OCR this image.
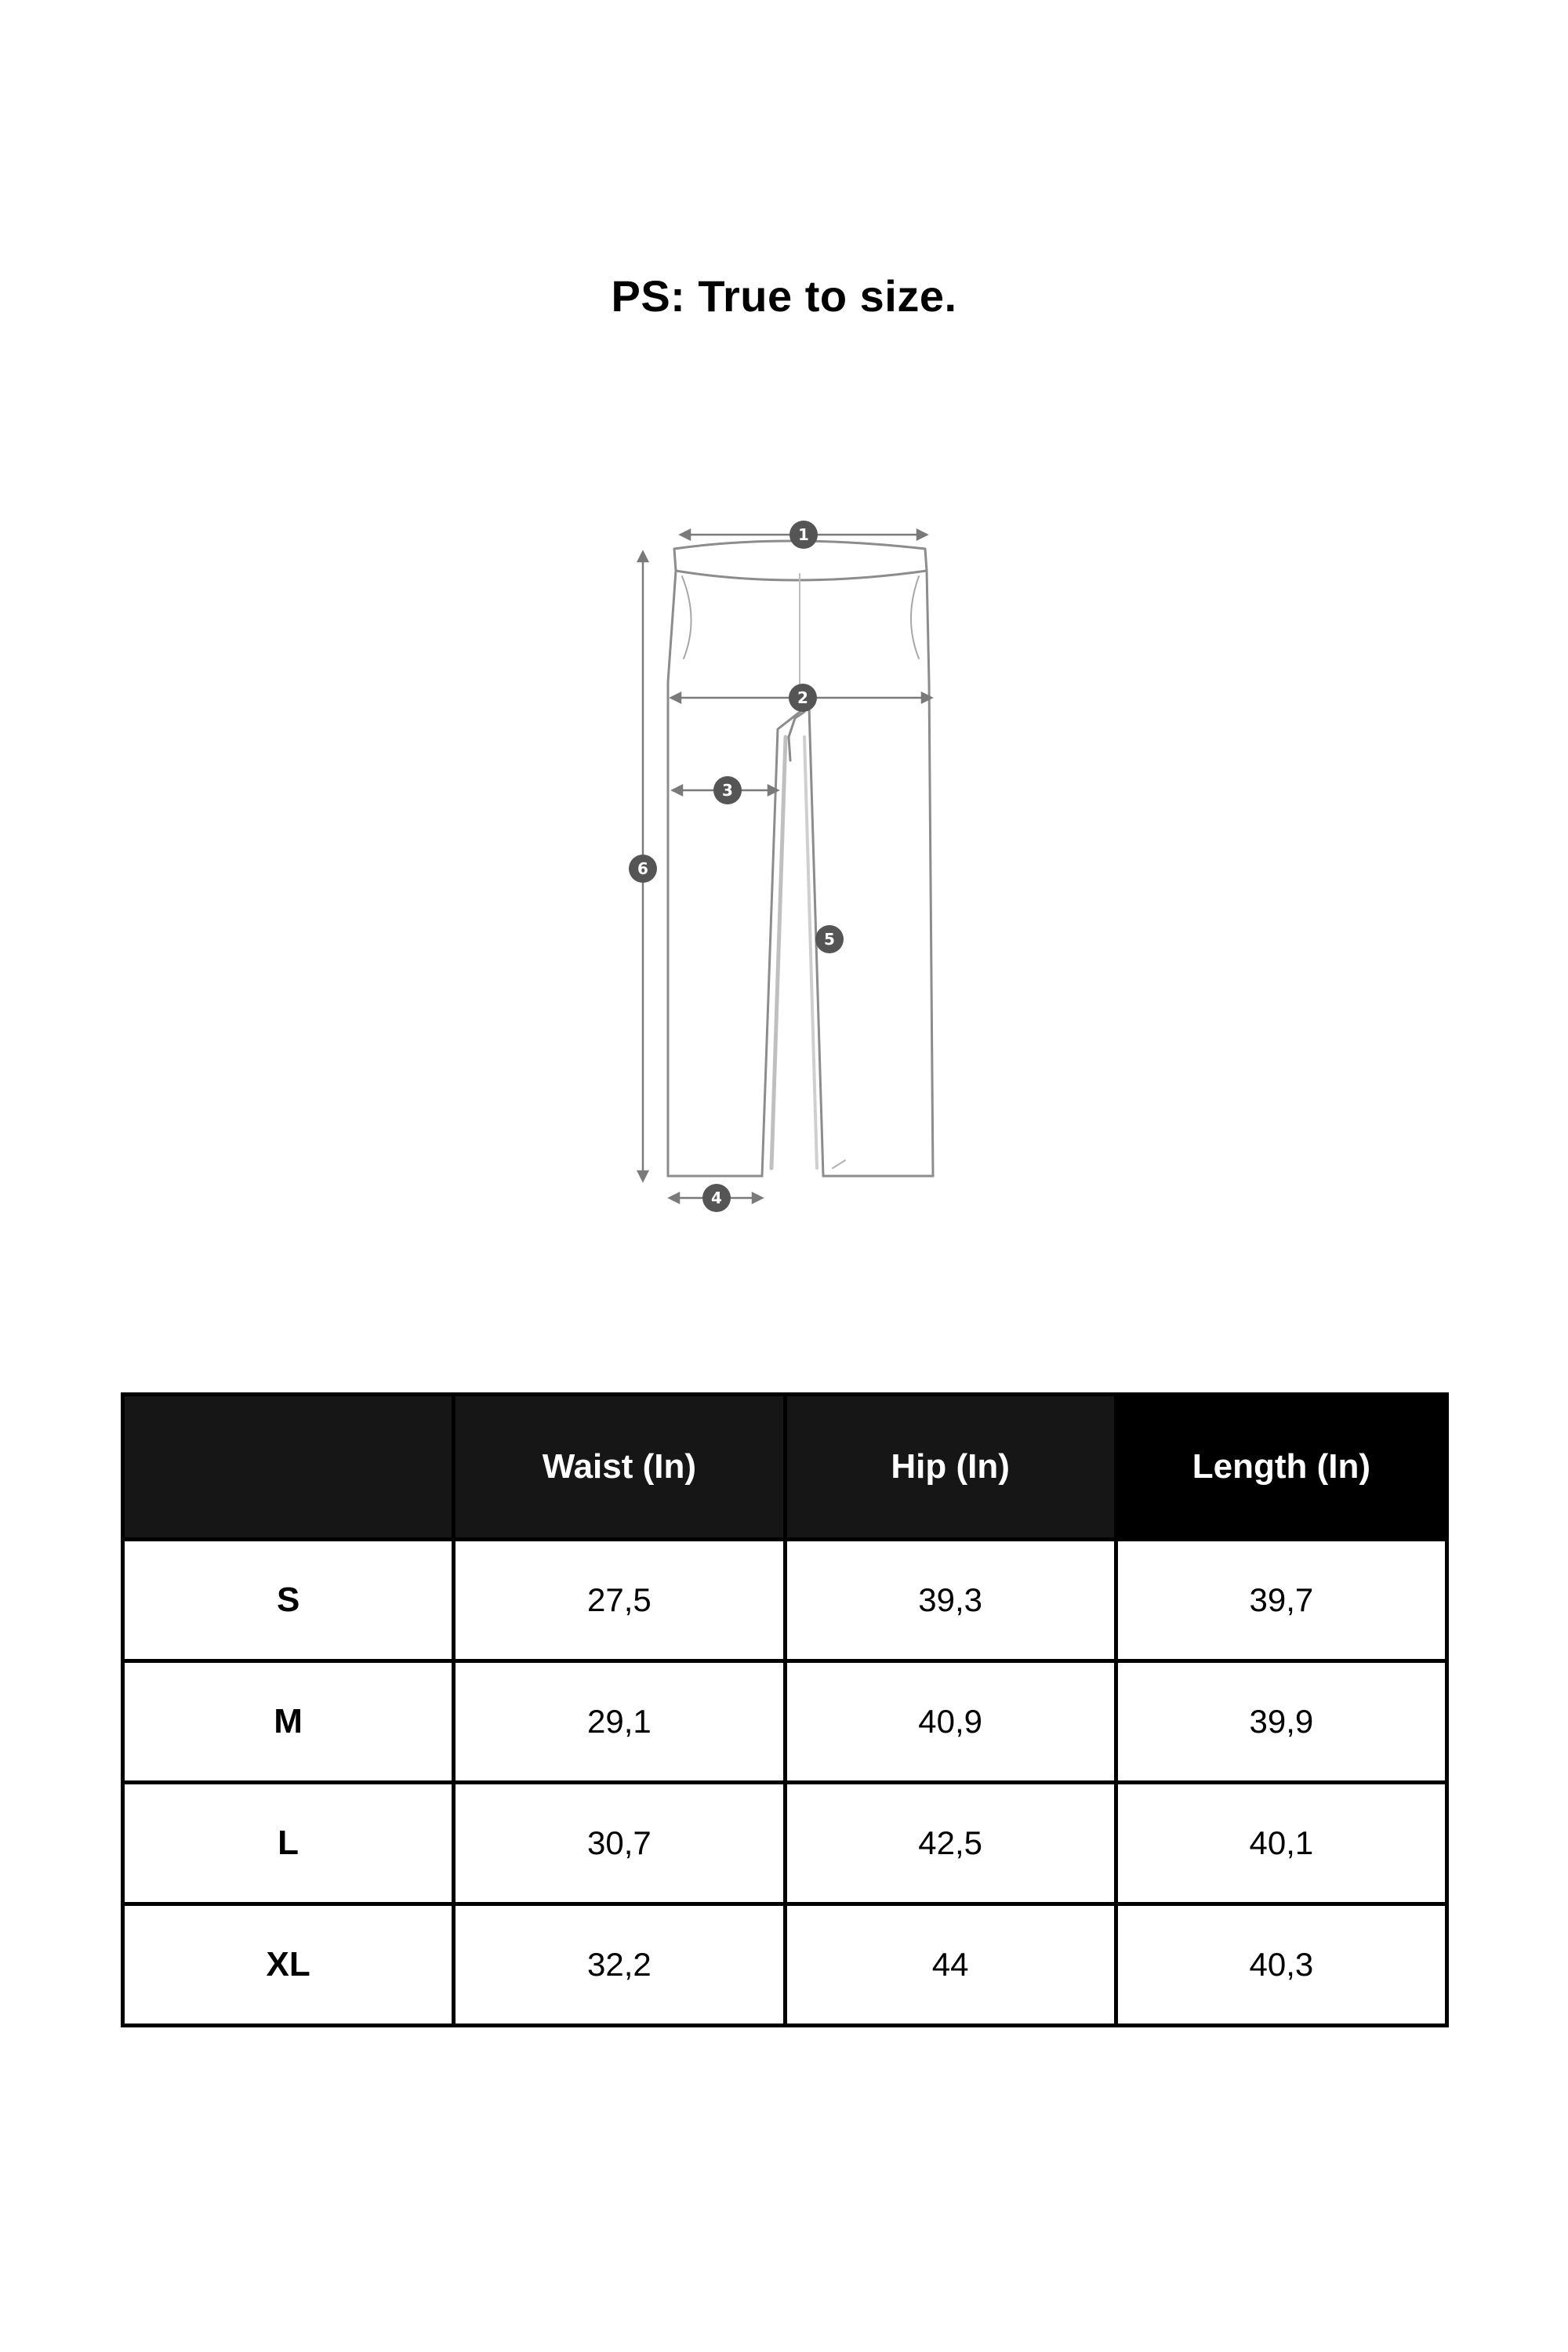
PS: True to size.
1
2
3
4
5
6
	Waist (In)	Hip (In)	Length (In)
S	27,5	39,3	39,7
M	29,1	40,9	39,9
L	30,7	42,5	40,1
XL	32,2	44	40,3
